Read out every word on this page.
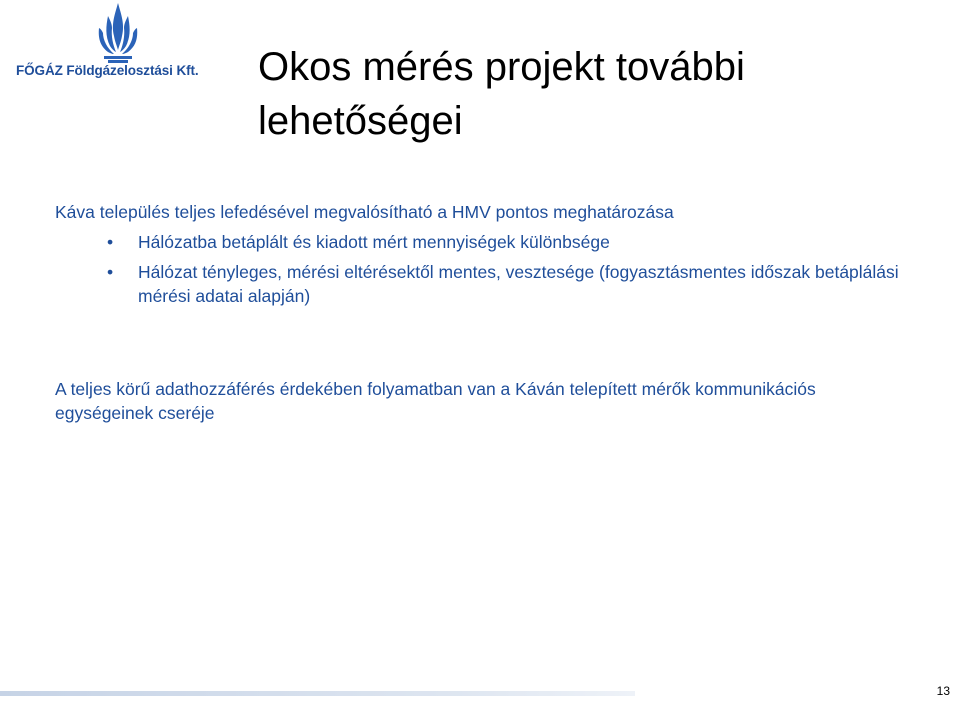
FŐGÁZ Földgázelosztási Kft. Okos mérés projekt további lehetőségei

Káva település teljes lefedésével megvalósítható a HMV pontos meghatározása

• Hálózatba betáplált és kiadott mért mennyiségek különbsége
• Hálózat tényleges, mérési eltérésektől mentes, vesztesége (fogyasztásmentes időszak betáplálási mérési adatai alapján)

A teljes körű adathozzáférés érdekében folyamatban van a Káván telepített mérők kommunikációs egységeinek cseréje

13
